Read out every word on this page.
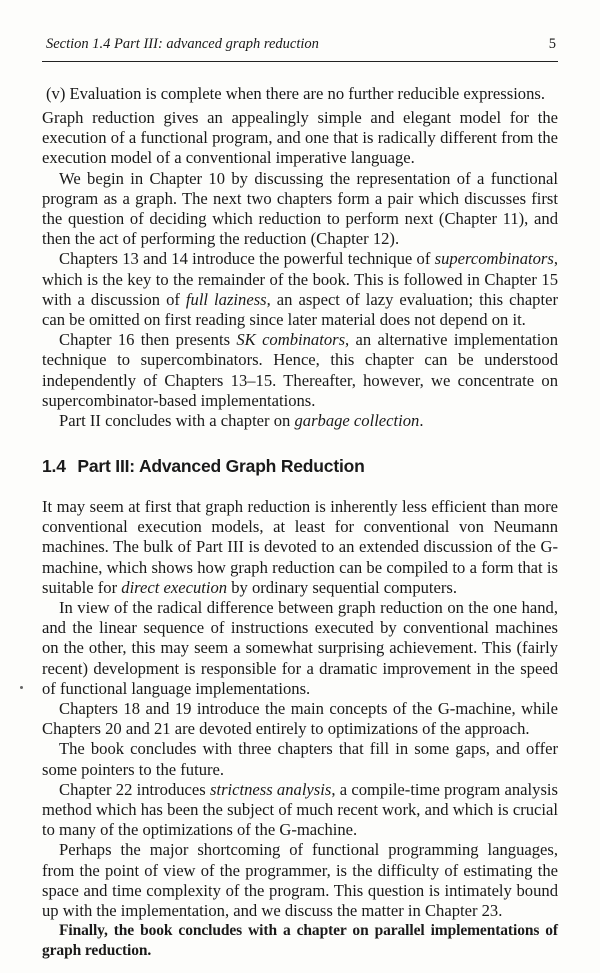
Section 1.4 Part III: advanced graph reduction	5
(v) Evaluation is complete when there are no further reducible expressions.

Graph reduction gives an appealingly simple and elegant model for the execution of a functional program, and one that is radically different from the execution model of a conventional imperative language.

We begin in Chapter 10 by discussing the representation of a functional program as a graph. The next two chapters form a pair which discusses first the question of deciding which reduction to perform next (Chapter 11), and then the act of performing the reduction (Chapter 12).

Chapters 13 and 14 introduce the powerful technique of supercombinators, which is the key to the remainder of the book. This is followed in Chapter 15 with a discussion of full laziness, an aspect of lazy evaluation; this chapter can be omitted on first reading since later material does not depend on it.

Chapter 16 then presents SK combinators, an alternative implementation technique to supercombinators. Hence, this chapter can be understood independently of Chapters 13–15. Thereafter, however, we concentrate on supercombinator-based implementations.

Part II concludes with a chapter on garbage collection.

1.4 Part III: Advanced Graph Reduction

It may seem at first that graph reduction is inherently less efficient than more conventional execution models, at least for conventional von Neumann machines. The bulk of Part III is devoted to an extended discussion of the G-machine, which shows how graph reduction can be compiled to a form that is suitable for direct execution by ordinary sequential computers.

In view of the radical difference between graph reduction on the one hand, and the linear sequence of instructions executed by conventional machines on the other, this may seem a somewhat surprising achievement. This (fairly recent) development is responsible for a dramatic improvement in the speed of functional language implementations.

Chapters 18 and 19 introduce the main concepts of the G-machine, while Chapters 20 and 21 are devoted entirely to optimizations of the approach.

The book concludes with three chapters that fill in some gaps, and offer some pointers to the future.

Chapter 22 introduces strictness analysis, a compile-time program analysis method which has been the subject of much recent work, and which is crucial to many of the optimizations of the G-machine.

Perhaps the major shortcoming of functional programming languages, from the point of view of the programmer, is the difficulty of estimating the space and time complexity of the program. This question is intimately bound up with the implementation, and we discuss the matter in Chapter 23.

Finally, the book concludes with a chapter on parallel implementations of graph reduction.
